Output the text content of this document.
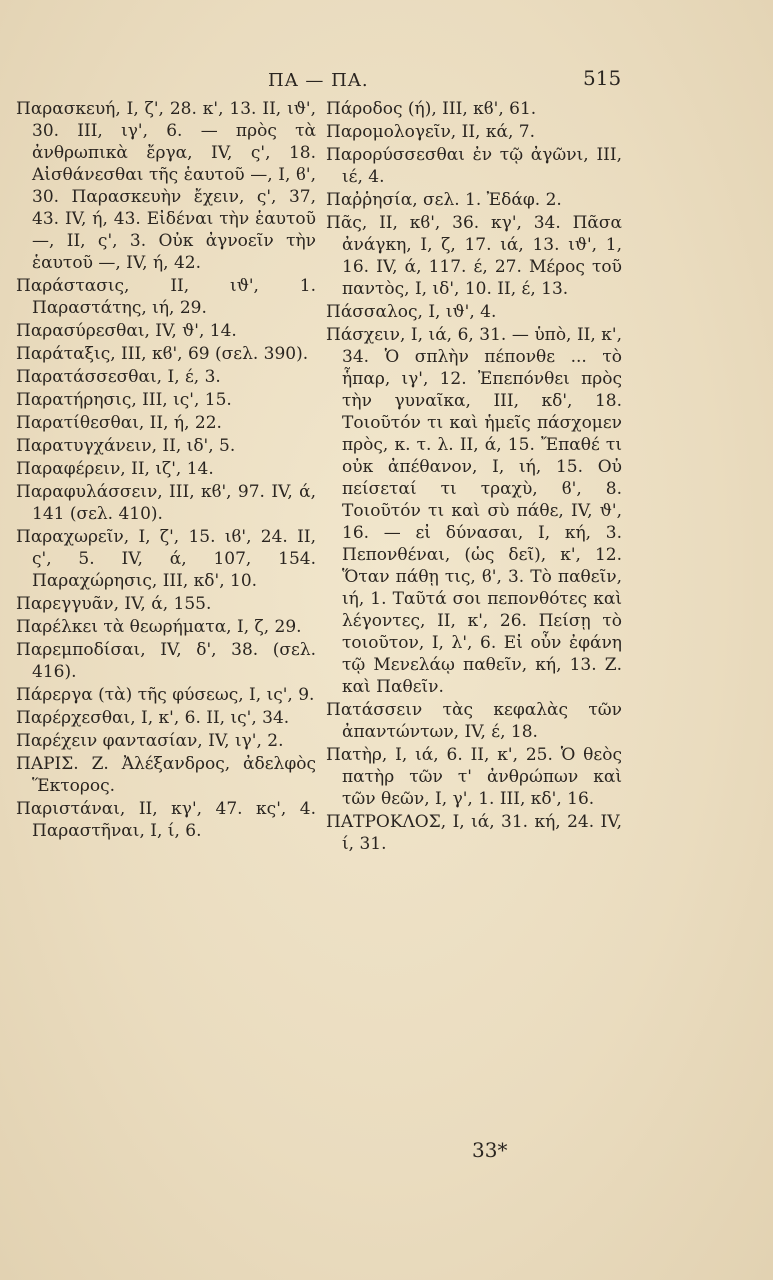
ΠΑ — ΠΑ.	515

Παρασκευή, I, ζ', 28. κ', 13. II, ιϑ', 30. III, ιγ', 6. — πρὸς τὰ ἀνθρωπικὰ ἔργα, IV, ς', 18. Αἰσθάνεσθαι τῆς ἑαυτοῦ —, I, ϐ', 30. Παρασκευὴν ἔχειν, ς', 37, 43. IV, ή, 43. Εἰδέναι τὴν ἑαυτοῦ —, II, ς', 3. Οὐκ ἀγνοεῖν τὴν ἑαυτοῦ —, IV, ή, 42.

Παράστασις, II, ιϑ', 1. Παραστάτης, ιή, 29.

Παρασύρεσθαι, IV, ϑ', 14.

Παράταξις, III, κϐ', 69 (σελ. 390).

Παρατάσσεσθαι, I, έ, 3.

Παρατήρησις, III, ις', 15.

Παρατίθεσθαι, II, ή, 22.

Παρατυγχάνειν, II, ιδ', 5.

Παραφέρειν, II, ιζ', 14.

Παραφυλάσσειν, III, κϐ', 97. IV, ά, 141 (σελ. 410).

Παραχωρεῖν, I, ζ', 15. ιϐ', 24. II, ς', 5. IV, ά, 107, 154. Παραχώρησις, III, κδ', 10.

Παρεγγυᾶν, IV, ά, 155.

Παρέλκει τὰ θεωρήματα, I, ζ, 29.

Παρεμποδίσαι, IV, δ', 38. (σελ. 416).

Πάρεργα (τὰ) τῆς φύσεως, I, ις', 9.

Παρέρχεσθαι, I, κ', 6. II, ις', 34.

Παρέχειν φαντασίαν, IV, ιγ', 2.

ΠΑΡΙΣ. Ζ. Ἀλέξανδρος, ἀδελφὸς Ἕκτορος.

Παριστάναι, II, κγ', 47. κς', 4. Παραστῆναι, I, ί, 6.

Πάροδος (ή), III, κϐ', 61.

Παρομολογεῖν, II, κά, 7.

Παρορύσσεσθαι ἐν τῷ ἀγῶνι, III, ιέ, 4.

Παῤῥησία, σελ. 1. Ἐδάφ. 2.

Πᾶς, II, κϐ', 36. κγ', 34. Πᾶσα ἀνάγκη, I, ζ, 17. ιά, 13. ιϑ', 1, 16. IV, ά, 117. έ, 27. Μέρος τοῦ παντὸς, I, ιδ', 10. II, έ, 13.

Πάσσαλος, I, ιϑ', 4.

Πάσχειν, I, ιά, 6, 31. — ὑπὸ, II, κ', 34. Ὁ σπλὴν πέπονθε ... τὸ ἧπαρ, ιγ', 12. Ἐπεπόνθει πρὸς τὴν γυναῖκα, III, κδ', 18. Τοιοῦτόν τι καὶ ἡμεῖς πάσχομεν πρὸς, κ. τ. λ. II, ά, 15. Ἔπαθέ τι οὐκ ἀπέθανον, I, ιή, 15. Οὐ πείσεταί τι τραχὺ, ϐ', 8. Τοιοῦτόν τι καὶ σὺ πάθε, IV, ϑ', 16. — εἰ δύνασαι, I, κή, 3. Πεπονθέναι, (ὡς δεῖ), κ', 12. Ὅταν πάθῃ τις, ϐ', 3. Τὸ παθεῖν, ιή, 1. Ταῦτά σοι πεπονθότες καὶ λέγοντες, II, κ', 26. Πείσῃ τὸ τοιοῦτον, I, λ', 6. Εἰ οὖν ἐφάνη τῷ Μενελάῳ παθεῖν, κή, 13. Ζ. καὶ Παθεῖν.

Πατάσσειν τὰς κεφαλὰς τῶν ἀπαντώντων, IV, έ, 18.

Πατὴρ, I, ιά, 6. II, κ', 25. Ὁ θεὸς πατὴρ τῶν τ' ἀνθρώπων καὶ τῶν θεῶν, I, γ', 1. III, κδ', 16.

ΠΑΤΡΟΚΛΟΣ, I, ιά, 31. κή, 24. IV, ί, 31.

33*
